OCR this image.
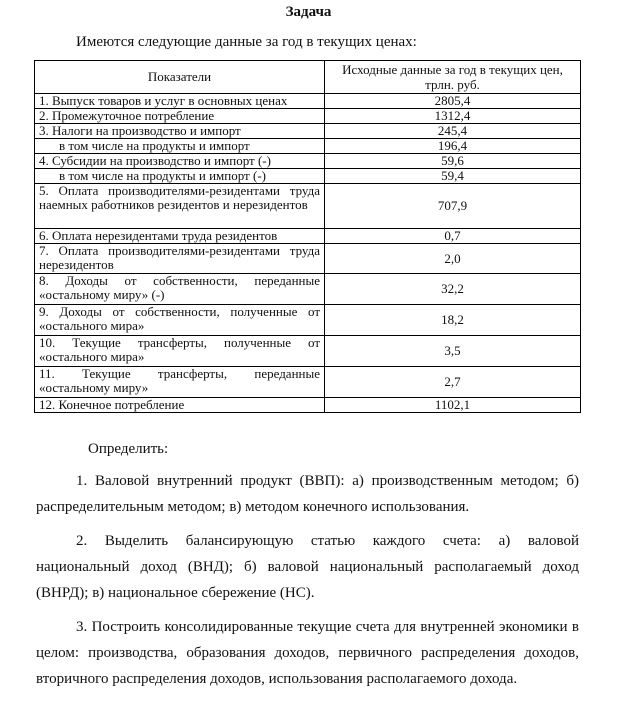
Задача
Имеются следующие данные за год в текущих ценах:
Показатели	Исходные данные за год в текущих цен, трлн. руб.
1. Выпуск товаров и услуг в основных ценах	2805,4
2. Промежуточное потребление	1312,4
3. Налоги на производство и импорт	245,4
в том числе на продукты и импорт	196,4
4. Субсидии на производство и импорт (-)	59,6
в том числе на продукты и импорт (-)	59,4
5. Оплата производителями-резидентами труда наемных работников резидентов и нерезидентов	707,9
6. Оплата нерезидентами труда резидентов	0,7
7. Оплата производителями-резидентами труда нерезидентов	2,0
8. Доходы от собственности, переданные «остальному миру» (-)	32,2
9. Доходы от собственности, полученные от «остального мира»	18,2
10. Текущие трансферты, полученные от «остального мира»	3,5
11. Текущие трансферты, переданные «остальному миру»	2,7
12. Конечное потребление	1102,1

Определить:

1. Валовой внутренний продукт (ВВП): а) производственным методом; б) распределительным методом; в) методом конечного использования.

2. Выделить балансирующую статью каждого счета: а) валовой национальный доход (ВНД); б) валовой национальный располагаемый доход (ВНРД); в) национальное сбережение (НС).

3. Построить консолидированные текущие счета для внутренней экономики в целом: производства, образования доходов, первичного распределения доходов, вторичного распределения доходов, использования располагаемого дохода.
